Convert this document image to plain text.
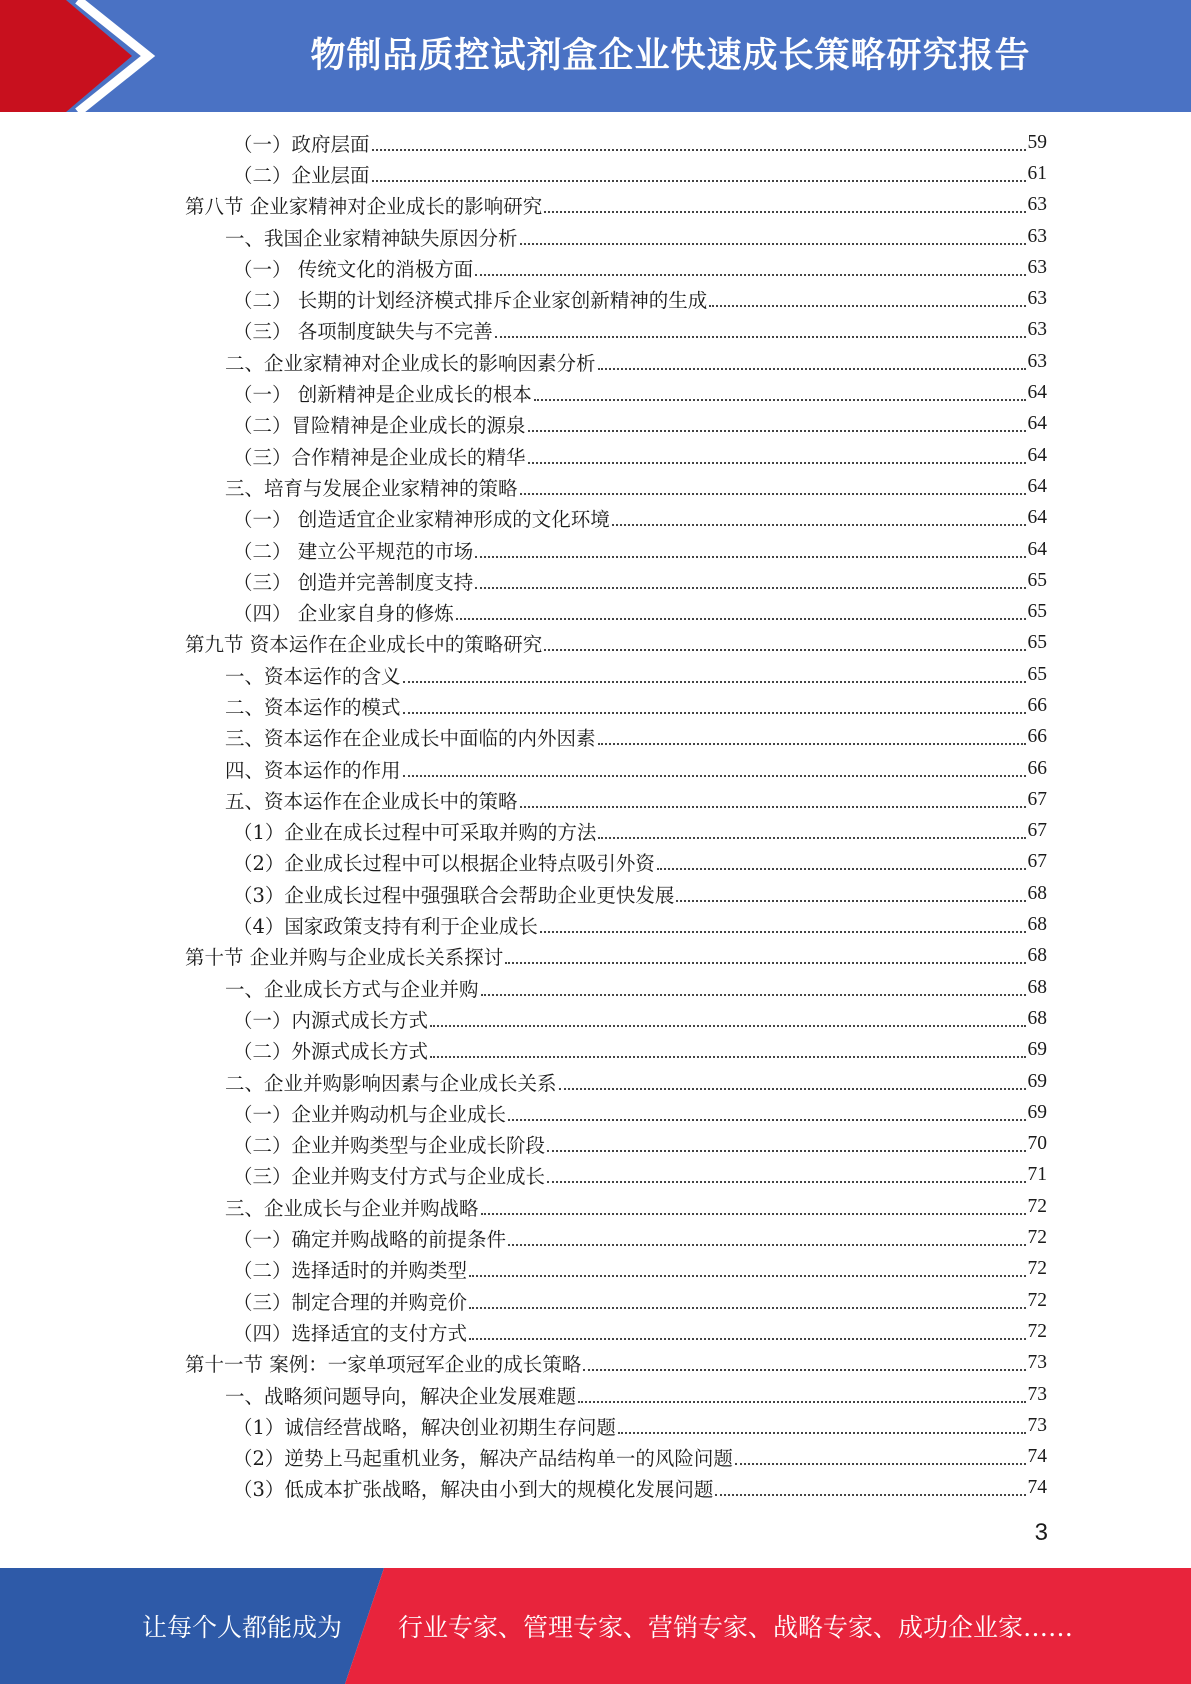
物制品质控试剂盒企业快速成长策略研究报告
（一）政府层面	59
（二）企业层面	61
第八节 企业家精神对企业成长的影响研究	63
一、我国企业家精神缺失原因分析	63
（一） 传统文化的消极方面	63
（二） 长期的计划经济模式排斥企业家创新精神的生成	63
（三） 各项制度缺失与不完善	63
二、企业家精神对企业成长的影响因素分析	63
（一） 创新精神是企业成长的根本	64
（二）冒险精神是企业成长的源泉	64
（三）合作精神是企业成长的精华	64
三、培育与发展企业家精神的策略	64
（一） 创造适宜企业家精神形成的文化环境	64
（二） 建立公平规范的市场	64
（三） 创造并完善制度支持	65
（四） 企业家自身的修炼	65
第九节 资本运作在企业成长中的策略研究	65
一、资本运作的含义	65
二、资本运作的模式	66
三、资本运作在企业成长中面临的内外因素	66
四、资本运作的作用	66
五、资本运作在企业成长中的策略	67
（1）企业在成长过程中可采取并购的方法	67
（2）企业成长过程中可以根据企业特点吸引外资	67
（3）企业成长过程中强强联合会帮助企业更快发展	68
（4）国家政策支持有利于企业成长	68
第十节 企业并购与企业成长关系探讨	68
一、企业成长方式与企业并购	68
（一）内源式成长方式	68
（二）外源式成长方式	69
二、企业并购影响因素与企业成长关系	69
（一）企业并购动机与企业成长	69
（二）企业并购类型与企业成长阶段	70
（三）企业并购支付方式与企业成长	71
三、企业成长与企业并购战略	72
（一）确定并购战略的前提条件	72
（二）选择适时的并购类型	72
（三）制定合理的并购竞价	72
（四）选择适宜的支付方式	72
第十一节 案例：一家单项冠军企业的成长策略	73
一、战略须问题导向，解决企业发展难题	73
（1）诚信经营战略，解决创业初期生存问题	73
（2）逆势上马起重机业务，解决产品结构单一的风险问题	74
（3）低成本扩张战略，解决由小到大的规模化发展问题	74
3
让每个人都能成为 行业专家、管理专家、营销专家、战略专家、成功企业家……
